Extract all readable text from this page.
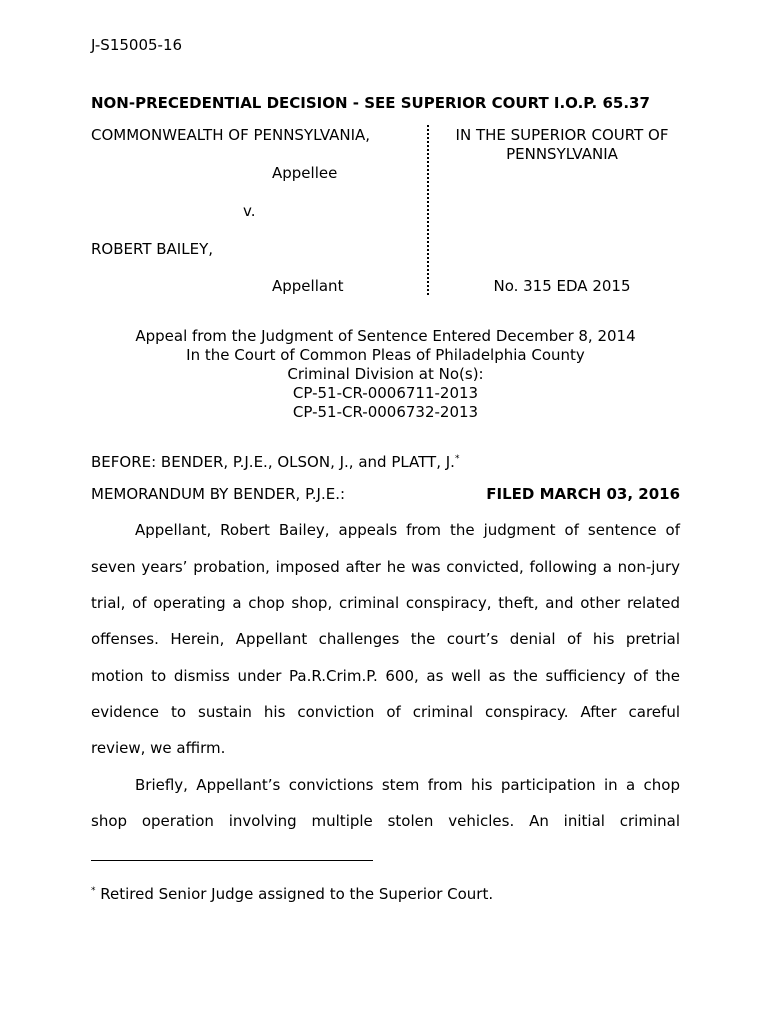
J-S15005-16
NON-PRECEDENTIAL DECISION - SEE SUPERIOR COURT I.O.P. 65.37
COMMONWEALTH OF PENNSYLVANIA,
Appellee
v.
ROBERT BAILEY,
Appellant
IN THE SUPERIOR COURT OF
PENNSYLVANIA
No. 315 EDA 2015
Appeal from the Judgment of Sentence Entered December 8, 2014
In the Court of Common Pleas of Philadelphia County
Criminal Division at No(s):
CP-51-CR-0006711-2013
CP-51-CR-0006732-2013
BEFORE: BENDER, P.J.E., OLSON, J., and PLATT, J.*
MEMORANDUM BY BENDER, P.J.E.:	FILED MARCH 03, 2016
Appellant, Robert Bailey, appeals from the judgment of sentence of
seven years’ probation, imposed after he was convicted, following a non-jury
trial, of operating a chop shop, criminal conspiracy, theft, and other related
offenses. Herein, Appellant challenges the court’s denial of his pretrial
motion to dismiss under Pa.R.Crim.P. 600, as well as the sufficiency of the
evidence to sustain his conviction of criminal conspiracy. After careful
review, we affirm.
Briefly, Appellant’s convictions stem from his participation in a chop
shop operation involving multiple stolen vehicles. An initial criminal
* Retired Senior Judge assigned to the Superior Court.
